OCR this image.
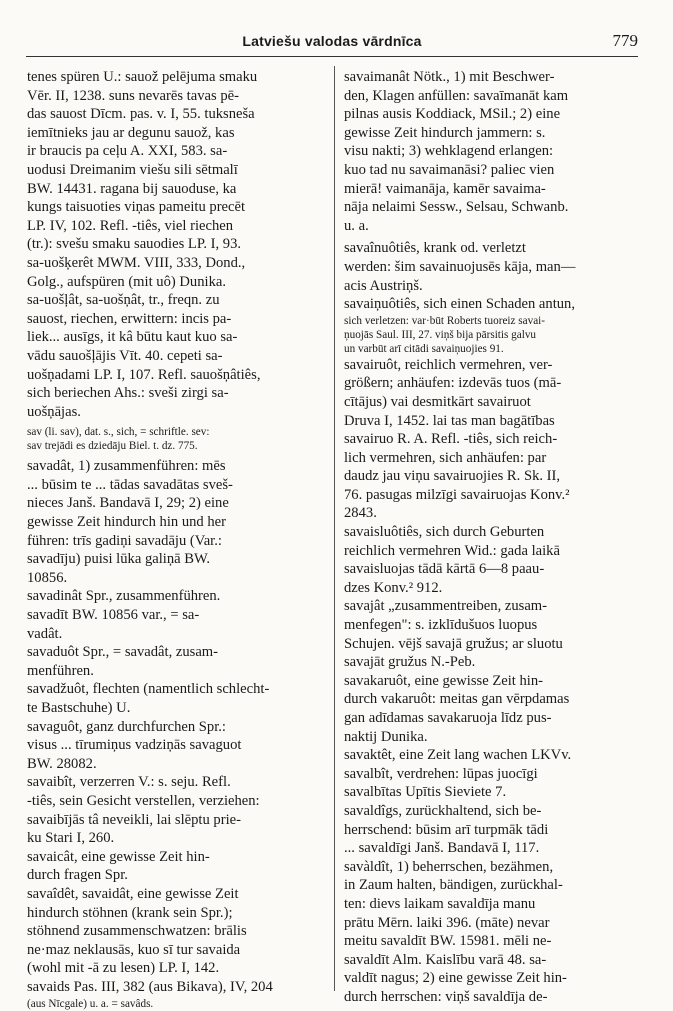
Latviešu valodas vārdnīca	779
tenes spüren U.: sauož pelējuma smaku
Vēr. II, 1238. suns nevarēs tavas pē-
das sauost Dīcm. pas. v. I, 55. tuksneša
iemītnieks jau ar degunu sauož, kas
ir braucis pa ceļu A. XXI, 583. sa-
uodusi Dreimanim viešu sili sētmalī
BW. 14431. ragana bij sauoduse, ka
kungs taisuoties viņas pameitu precēt
LP. IV, 102. Refl. -tiês, viel riechen
(tr.): svešu smaku sauodies LP. I, 93.
sa-uošķerêt MWM. VIII, 333, Dond.,
Golg., aufspüren (mit uô) Dunika.
sa-uošļât, sa-uošņât, tr., freqn. zu
sauost, riechen, erwittern: incis pa-
liek... ausīgs, it kâ būtu kaut kuo sa-
vādu sauošļājis Vīt. 40. cepeti sa-
uošņadami LP. I, 107. Refl. sauošņâtiês,
sich beriechen Ahs.: sveši zirgi sa-
uošņājas.
sav (li. sav), dat. s., sich, = schriftle. sev:
sav trejādi es dziedāju Biel. t. dz. 775.
savadât, 1) zusammenführen: mēs
... būsim te ... tādas savadātas sveš-
nieces Janš. Bandavā I, 29; 2) eine
gewisse Zeit hindurch hin und her
führen: trīs gadiņi savadāju (Var.:
savadīju) puisi lūka galiņā BW.
10856.
savadinât Spr., zusammenführen.
savadīt BW. 10856 var., = sa-
vadât.
savaduôt Spr., = savadât, zusam-
menführen.
savadžuôt, flechten (namentlich schlecht-
te Bastschuhe) U.
savaguôt, ganz durchfurchen Spr.:
visus ... tīrumiņus vadziņās savaguot
BW. 28082.
savaibît, verzerren V.: s. seju. Refl.
-tiês, sein Gesicht verstellen, verziehen:
savaibījās tâ neveikli, lai slēptu prie-
ku Stari I, 260.
savaicât, eine gewisse Zeit hin-
durch fragen Spr.
savaîdêt, savaidât, eine gewisse Zeit
hindurch stöhnen (krank sein Spr.);
stöhnend zusammenschwatzen: brālis
ne·maz neklausās, kuo sī tur savaida
(wohl mit -ā zu lesen) LP. I, 142.
savaids Pas. III, 382 (aus Bikava), IV, 204
(aus Nīcgale) u. a. = savâds.
savaimanât Nötk., 1) mit Beschwer-
den, Klagen anfüllen: savaīmanāt kam
pilnas ausis Koddiack, MSil.; 2) eine
gewisse Zeit hindurch jammern: s.
visu nakti; 3) wehklagend erlangen:
kuo tad nu savaimanāsi? paliec vien
mierā! vaimanāja, kamēr savaima-
nāja nelaimi Sessw., Selsau, Schwanb.
u. a.
savaînuôtiês, krank od. verletzt
werden: šim savainuojusēs kāja, man—
acis Austriņš.
savaiņuôtiês, sich einen Schaden antun,
sich verletzen: var·būt Roberts tuoreiz savai-
ņuojās Saul. III, 27. viņš bija pārsitis galvu
un varbūt arī citādi savaiņuojies 91.
savairuôt, reichlich vermehren, ver-
größern; anhäufen: izdevās tuos (mā-
cītājus) vai desmitkārt savairuot
Druva I, 1452. lai tas man bagātības
savairuo R. A. Refl. -tiês, sich reich-
lich vermehren, sich anhäufen: par
daudz jau viņu savairuojies R. Sk. II,
76. pasugas milzīgi savairuojas Konv.²
2843.
savaisluôtiês, sich durch Geburten
reichlich vermehren Wid.: gada laikā
savaisluojas tādā kārtā 6—8 paau-
dzes Konv.² 912.
savajât „zusammentreiben, zusam-
menfegen": s. izklīdušuos luopus
Schujen. vējš savajā gružus; ar sluotu
savajāt gružus N.-Peb.
savakaruôt, eine gewisse Zeit hin-
durch vakaruôt: meitas gan vērpdamas
gan adīdamas savakaruoja līdz pus-
naktij Dunika.
savaktêt, eine Zeit lang wachen LKVv.
savalbît, verdrehen: lūpas juocīgi
savalbītas Upītis Sieviete 7.
savaldîgs, zurückhaltend, sich be-
herrschend: būsim arī turpmāk tādi
... savaldīgi Janš. Bandavā I, 117.
savàldît, 1) beherrschen, bezähmen,
in Zaum halten, bändigen, zurückhal-
ten: dievs laikam savaldīja manu
prātu Mērn. laiki 396. (māte) nevar
meitu savaldīt BW. 15981. mēli ne-
savaldīt Alm. Kaislību varā 48. sa-
valdīt nagus; 2) eine gewisse Zeit hin-
durch herrschen: viņš savaldīja de-
